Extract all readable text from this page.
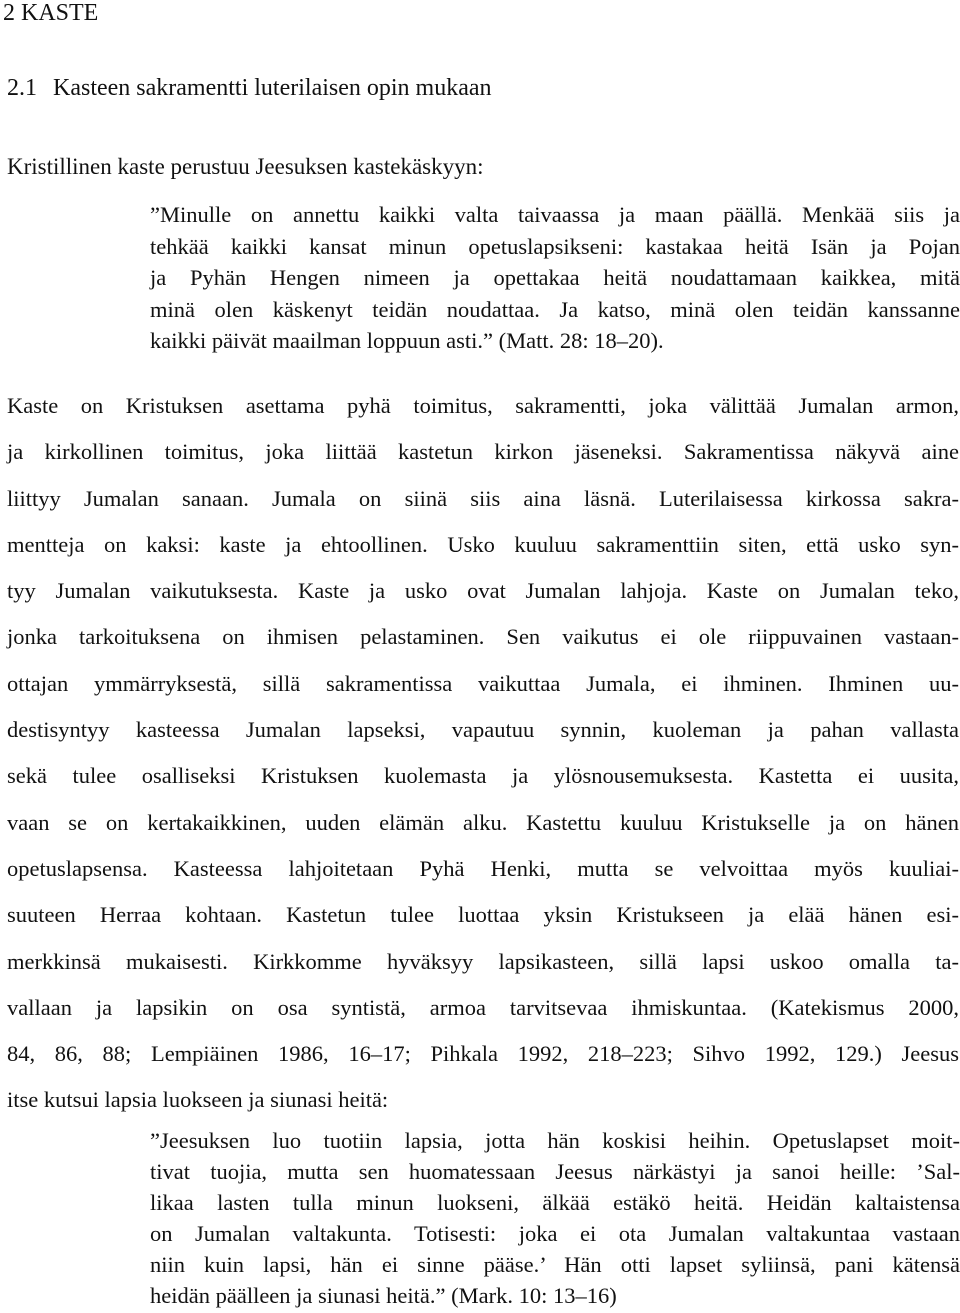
2 KASTE
2.1 Kasteen sakramentti luterilaisen opin mukaan

Kristillinen kaste perustuu Jeesuksen kastekäskyyn:

”Minulle on annettu kaikki valta taivaassa ja maan päällä. Menkää siis ja
tehkää kaikki kansat minun opetuslapsikseni: kastakaa heitä Isän ja Pojan
ja Pyhän Hengen nimeen ja opettakaa heitä noudattamaan kaikkea, mitä
minä olen käskenyt teidän noudattaa. Ja katso, minä olen teidän kanssanne
kaikki päivät maailman loppuun asti.” (Matt. 28: 18–20).
Kaste on Kristuksen asettama pyhä toimitus, sakramentti, joka välittää Jumalan armon,
ja kirkollinen toimitus, joka liittää kastetun kirkon jäseneksi. Sakramentissa näkyvä aine
liittyy Jumalan sanaan. Jumala on siinä siis aina läsnä. Luterilaisessa kirkossa sakra-
mentteja on kaksi: kaste ja ehtoollinen. Usko kuuluu sakramenttiin siten, että usko syn-
tyy Jumalan vaikutuksesta. Kaste ja usko ovat Jumalan lahjoja. Kaste on Jumalan teko,
jonka tarkoituksena on ihmisen pelastaminen. Sen vaikutus ei ole riippuvainen vastaan-
ottajan ymmärryksestä, sillä sakramentissa vaikuttaa Jumala, ei ihminen. Ihminen uu-
destisyntyy kasteessa Jumalan lapseksi, vapautuu synnin, kuoleman ja pahan vallasta
sekä tulee osalliseksi Kristuksen kuolemasta ja ylösnousemuksesta. Kastetta ei uusita,
vaan se on kertakaikkinen, uuden elämän alku. Kastettu kuuluu Kristukselle ja on hänen
opetuslapsensa. Kasteessa lahjoitetaan Pyhä Henki, mutta se velvoittaa myös kuuliai-
suuteen Herraa kohtaan. Kastetun tulee luottaa yksin Kristukseen ja elää hänen esi-
merkkinsä mukaisesti. Kirkkomme hyväksyy lapsikasteen, sillä lapsi uskoo omalla ta-
vallaan ja lapsikin on osa syntistä, armoa tarvitsevaa ihmiskuntaa. (Katekismus 2000,
84, 86, 88; Lempiäinen 1986, 16–17; Pihkala 1992, 218–223; Sihvo 1992, 129.) Jeesus
itse kutsui lapsia luokseen ja siunasi heitä:
”Jeesuksen luo tuotiin lapsia, jotta hän koskisi heihin. Opetuslapset moit-
tivat tuojia, mutta sen huomatessaan Jeesus närkästyi ja sanoi heille: ’Sal-
likaa lasten tulla minun luokseni, älkää estäkö heitä. Heidän kaltaistensa
on Jumalan valtakunta. Totisesti: joka ei ota Jumalan valtakuntaa vastaan
niin kuin lapsi, hän ei sinne pääse.’ Hän otti lapset syliinsä, pani kätensä
heidän päälleen ja siunasi heitä.” (Mark. 10: 13–16)
